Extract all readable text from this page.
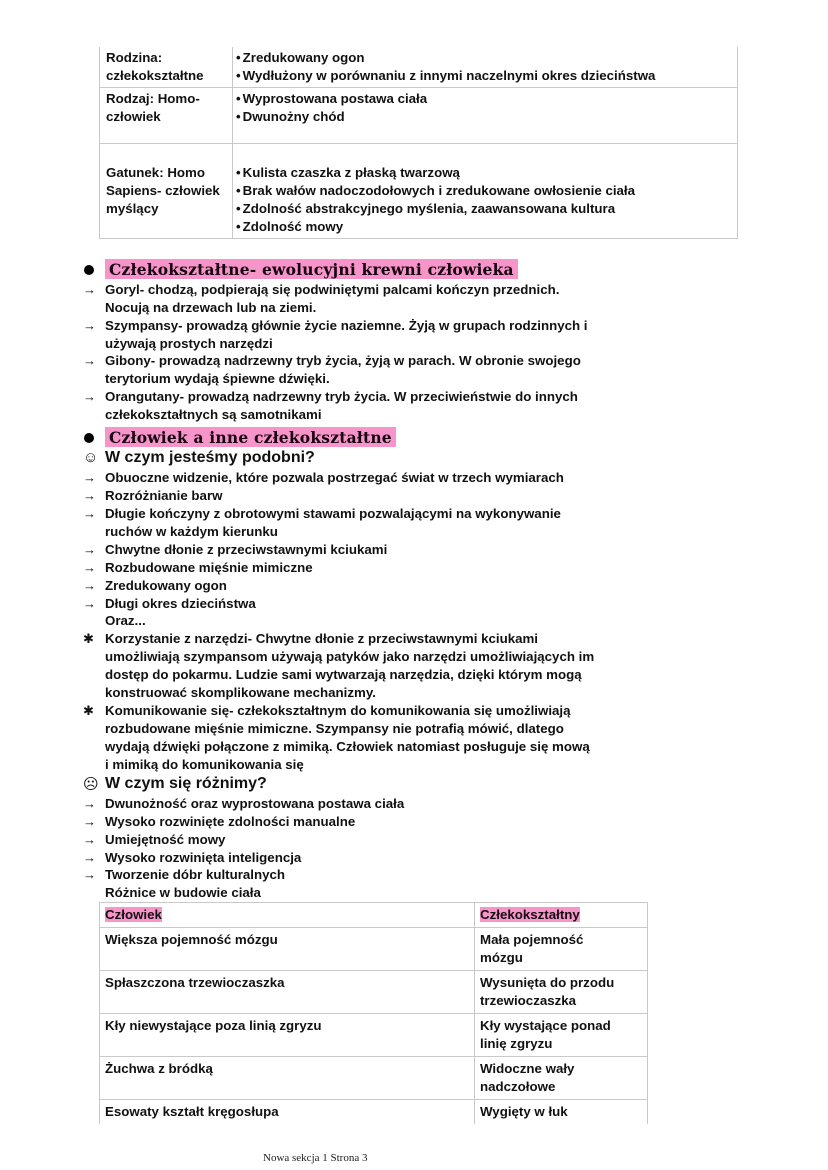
Rodzina:
człekokształtne	• Zredukowany ogon
• Wydłużony w porównaniu z innymi naczelnymi okres dzieciństwa

Rodzaj: Homo-
człowiek	• Wyprostowana postawa ciała
• Dwunożny chód

Gatunek: Homo
Sapiens- człowiek
myślący	• Kulista czaszka z płaską twarzową
• Brak wałów nadoczodołowych i zredukowane owłosienie ciała
• Zdolność abstrakcyjnego myślenia, zaawansowana kultura
• Zdolność mowy
Człekokształtne- ewolucyjni krewni człowieka
→ Goryl- chodzą, podpierają się podwiniętymi palcami kończyn przednich.
Nocują na drzewach lub na ziemi.
→ Szympansy- prowadzą głównie życie naziemne. Żyją w grupach rodzinnych i
używają prostych narzędzi
→ Gibony- prowadzą nadrzewny tryb życia, żyją w parach. W obronie swojego
terytorium wydają śpiewne dźwięki.
→ Orangutany- prowadzą nadrzewny tryb życia. W przeciwieństwie do innych
człekokształtnych są samotnikami
Człowiek a inne człekokształtne
☺ W czym jesteśmy podobni?
→ Obuoczne widzenie, które pozwala postrzegać świat w trzech wymiarach
→ Rozróżnianie barw
→ Długie kończyny z obrotowymi stawami pozwalającymi na wykonywanie
ruchów w każdym kierunku
→ Chwytne dłonie z przeciwstawnymi kciukami
→ Rozbudowane mięśnie mimiczne
→ Zredukowany ogon
→ Długi okres dzieciństwa
Oraz...
✱ Korzystanie z narzędzi- Chwytne dłonie z przeciwstawnymi kciukami
umożliwiają szympansom używają patyków jako narzędzi umożliwiających im
dostęp do pokarmu. Ludzie sami wytwarzają narzędzia, dzięki którym mogą
konstruować skomplikowane mechanizmy.
✱ Komunikowanie się- człekokształtnym do komunikowania się umożliwiają
rozbudowane mięśnie mimiczne. Szympansy nie potrafią mówić, dlatego
wydają dźwięki połączone z mimiką. Człowiek natomiast posługuje się mową
i mimiką do komunikowania się
☹ W czym się różnimy?
→ Dwunożność oraz wyprostowana postawa ciała
→ Wysoko rozwinięte zdolności manualne
→ Umiejętność mowy
→ Wysoko rozwinięta inteligencja
→ Tworzenie dóbr kulturalnych
Różnice w budowie ciała
Człowiek	Człekokształtny
Większa pojemność mózgu	Mała pojemność mózgu
Spłaszczona trzewioczaszka	Wysunięta do przodu trzewioczaszka
Kły niewystające poza linią zgryzu	Kły wystające ponad linię zgryzu
Żuchwa z bródką	Widoczne wały nadczołowe
Esowaty kształt kręgosłupa	Wygięty w łuk
Nowa sekcja 1 Strona 3
